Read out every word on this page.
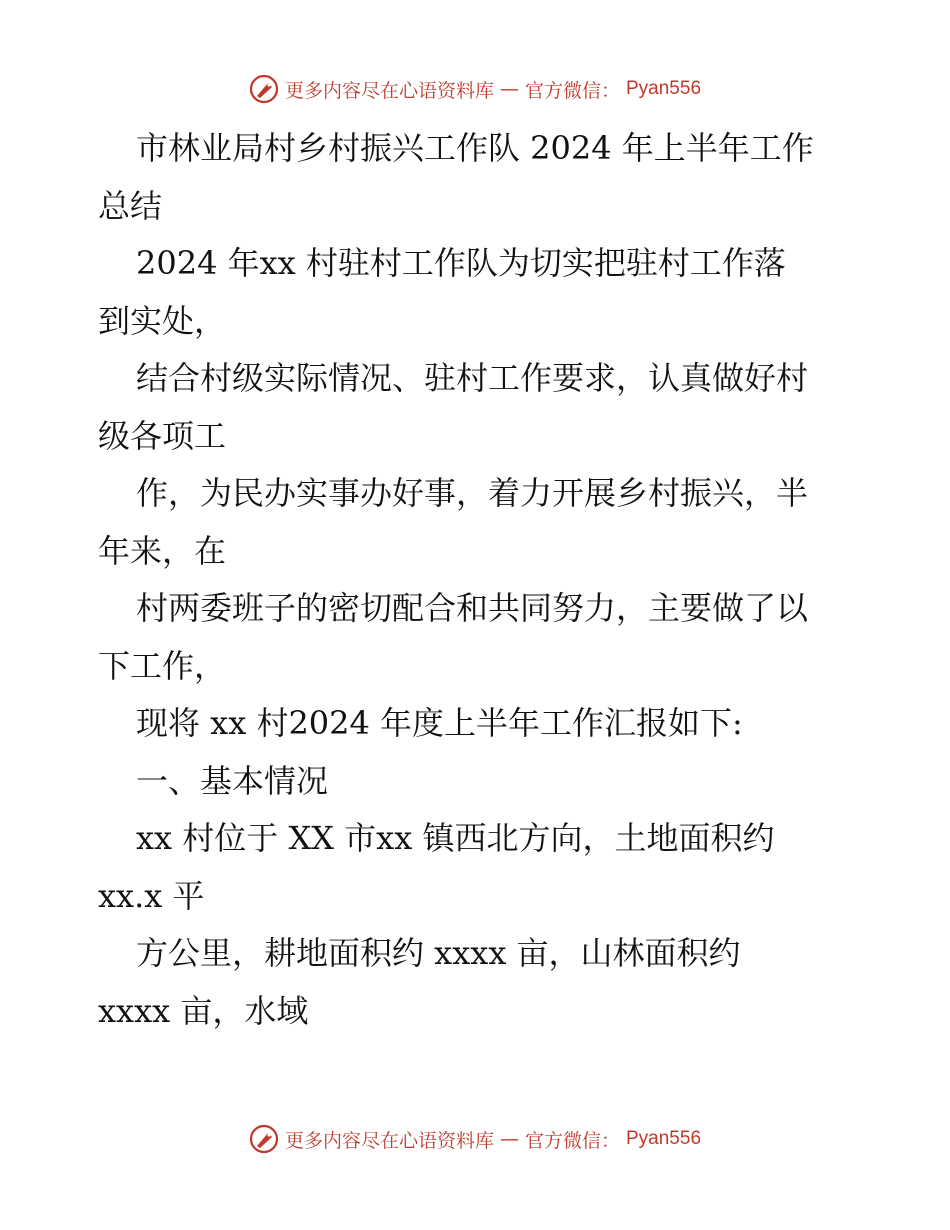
更多内容尽在心语资料库 — 官方微信： Pyan556
市林业局村乡村振兴工作队 2024 年上半年工作
总结
2024 年xx 村驻村工作队为切实把驻村工作落
到实处，
结合村级实际情况、驻村工作要求，认真做好村
级各项工
作，为民办实事办好事，着力开展乡村振兴，半
年来，在
村两委班子的密切配合和共同努力，主要做了以
下工作，
现将 xx 村2024 年度上半年工作汇报如下:
一、基本情况
xx 村位于 XX 市xx 镇西北方向，土地面积约
xx.x 平
方公里，耕地面积约 xxxx 亩，山林面积约
xxxx 亩，水域
更多内容尽在心语资料库 — 官方微信： Pyan556
